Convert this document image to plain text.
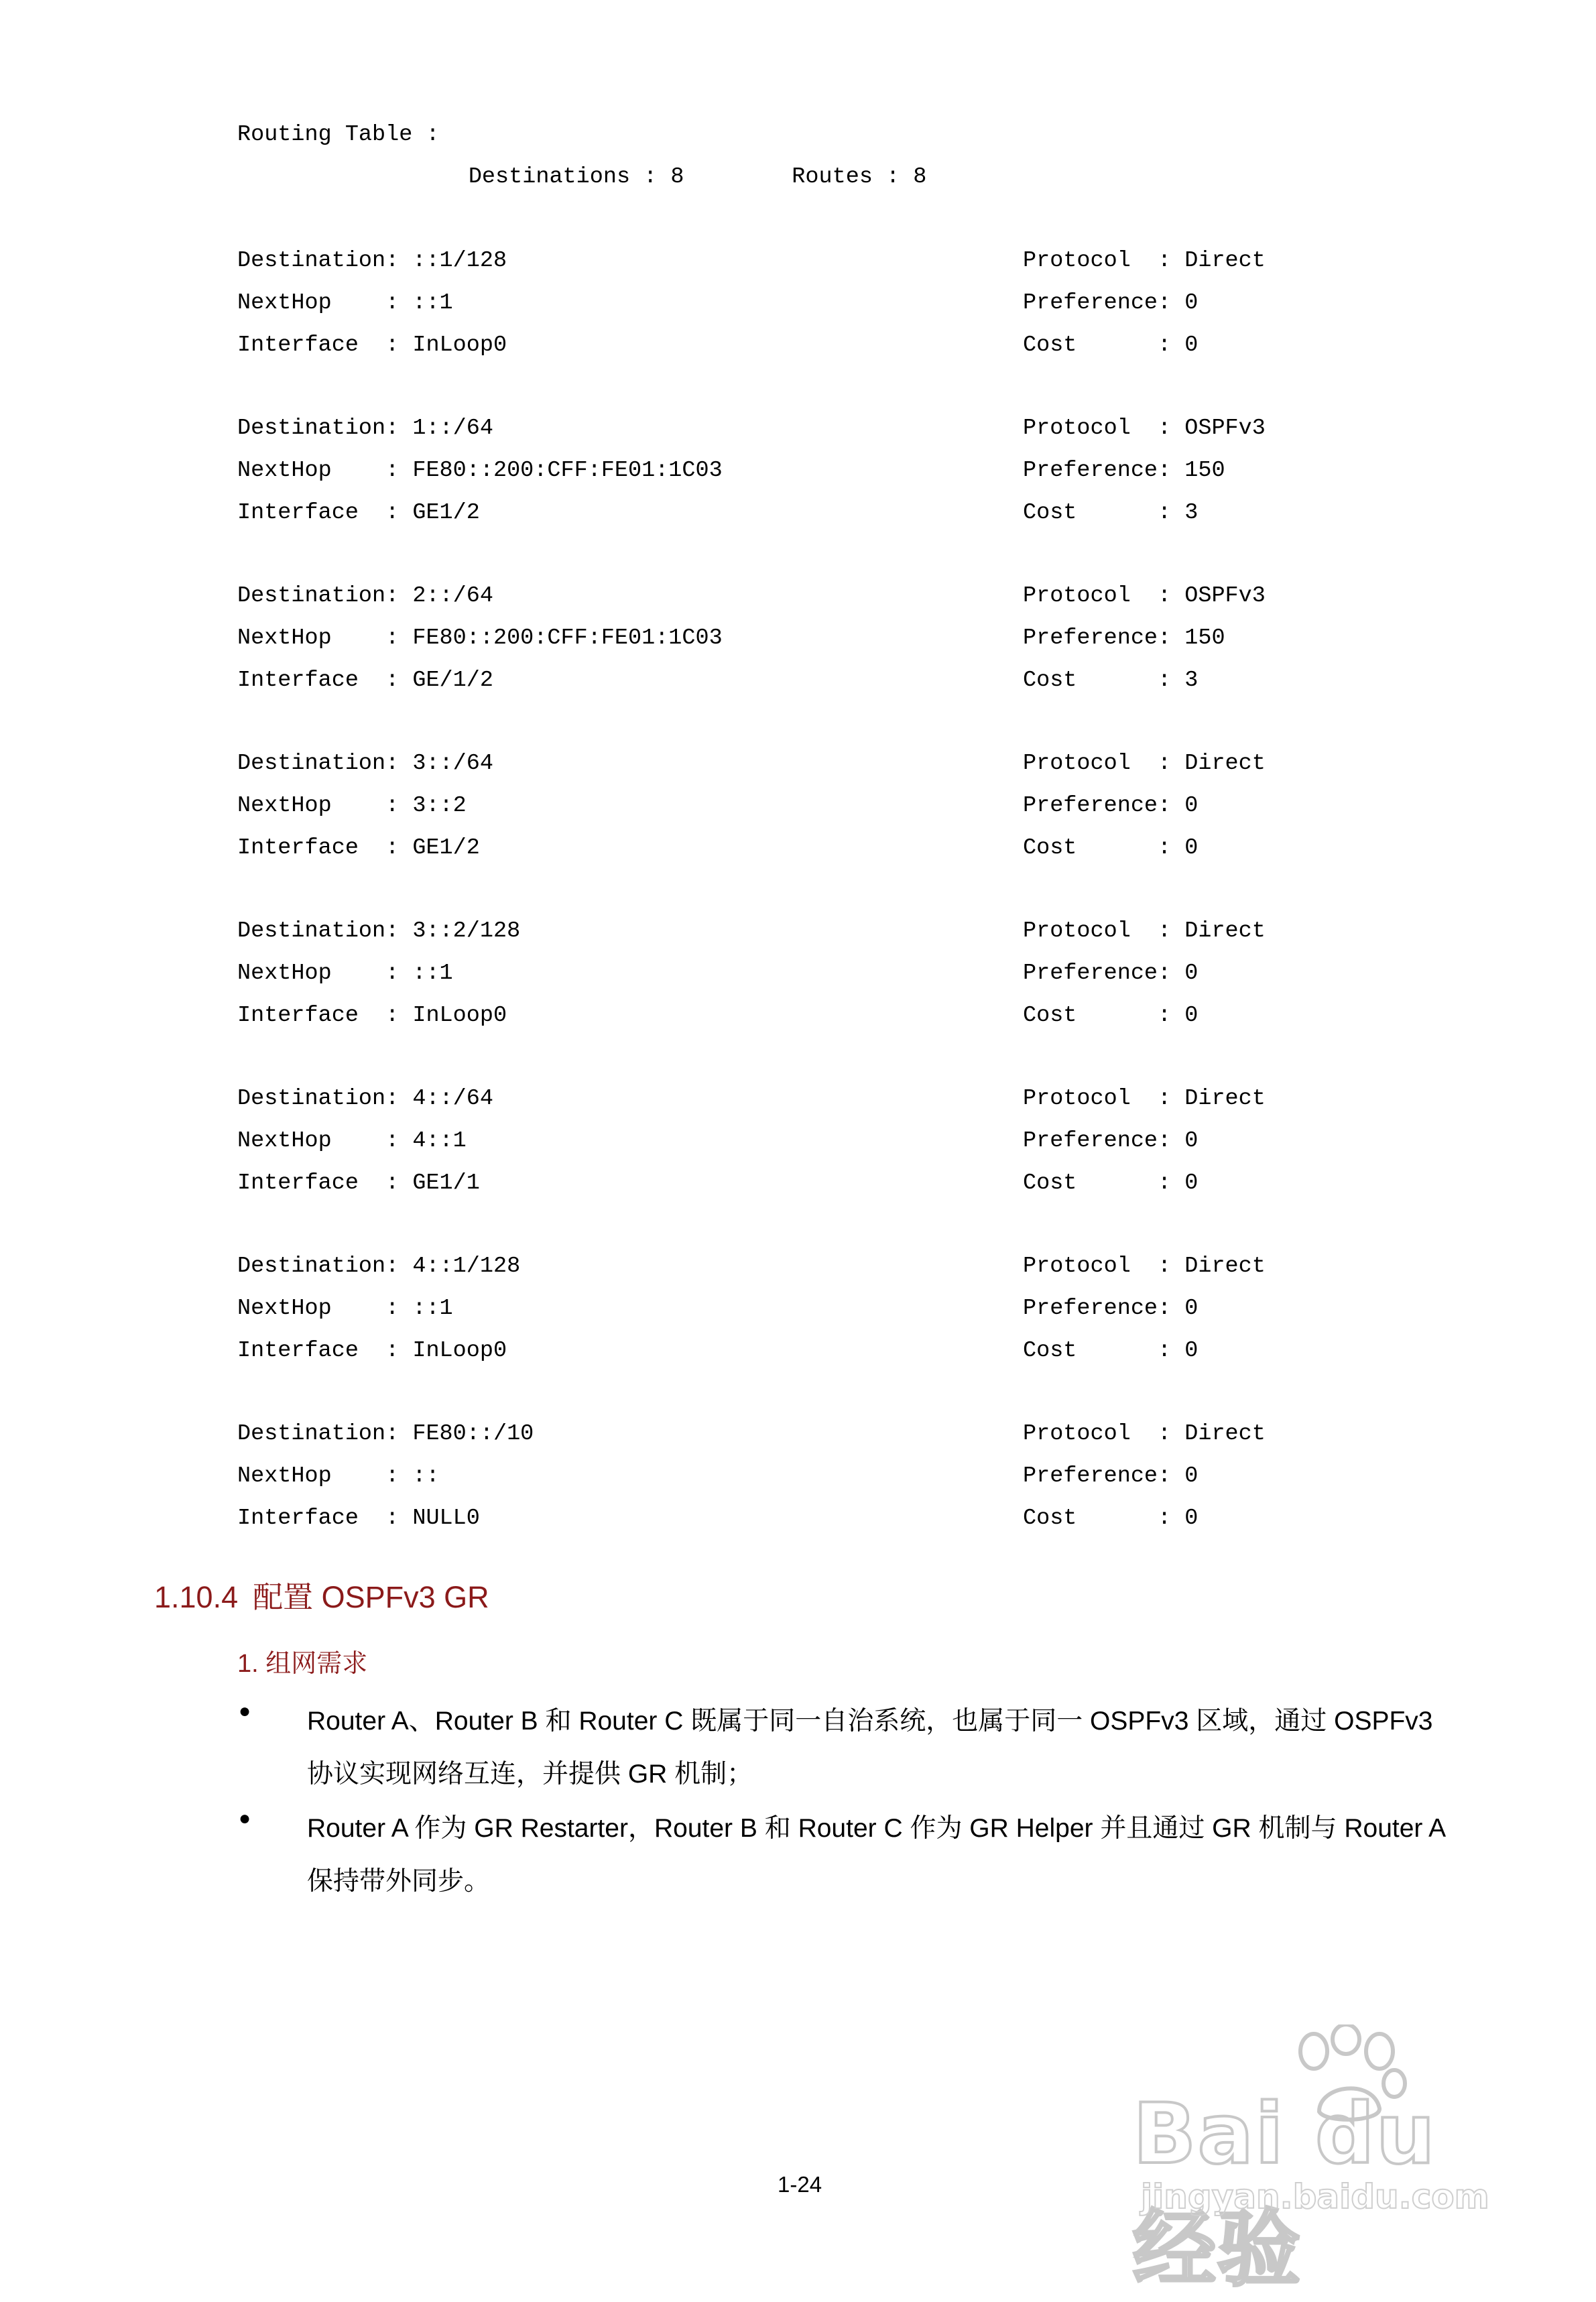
Routing Table :
Destinations : 8        Routes : 8
Destination: ::1/128	Protocol  : Direct
NextHop    : ::1	Preference: 0
Interface  : InLoop0	Cost      : 0
Destination: 1::/64	Protocol  : OSPFv3
NextHop    : FE80::200:CFF:FE01:1C03	Preference: 150
Interface  : GE1/2	Cost      : 3
Destination: 2::/64	Protocol  : OSPFv3
NextHop    : FE80::200:CFF:FE01:1C03	Preference: 150
Interface  : GE/1/2	Cost      : 3
Destination: 3::/64	Protocol  : Direct
NextHop    : 3::2	Preference: 0
Interface  : GE1/2	Cost      : 0
Destination: 3::2/128	Protocol  : Direct
NextHop    : ::1	Preference: 0
Interface  : InLoop0	Cost      : 0
Destination: 4::/64	Protocol  : Direct
NextHop    : 4::1	Preference: 0
Interface  : GE1/1	Cost      : 0
Destination: 4::1/128	Protocol  : Direct
NextHop    : ::1	Preference: 0
Interface  : InLoop0	Cost      : 0
Destination: FE80::/10	Protocol  : Direct
NextHop    : ::	Preference: 0
Interface  : NULL0	Cost      : 0
1.10.4 配置 OSPFv3 GR
1. 组网需求
● Router A、Router B 和 Router C 既属于同一自治系统，也属于同一 OSPFv3 区域，通过 OSPFv3 协议实现网络互连，并提供 GR 机制；
● Router A 作为 GR Restarter，Router B 和 Router C 作为 GR Helper 并且通过 GR 机制与 Router A 保持带外同步。
1-24
Bai du 经验
jingyan.baidu.com
